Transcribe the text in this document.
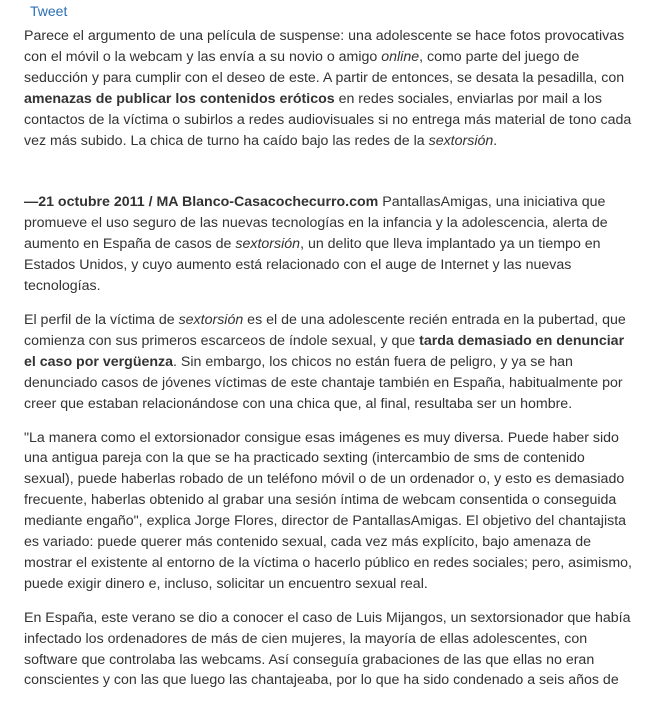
Tweet

Parece el argumento de una película de suspense: una adolescente se hace fotos provocativas con el móvil o la webcam y las envía a su novio o amigo online, como parte del juego de seducción y para cumplir con el deseo de este. A partir de entonces, se desata la pesadilla, con amenazas de publicar los contenidos eróticos en redes sociales, enviarlas por mail a los contactos de la víctima o subirlos a redes audiovisuales si no entrega más material de tono cada vez más subido. La chica de turno ha caído bajo las redes de la sextorsión.

—21 octubre 2011 / MA Blanco-Casacochecurro.com PantallasAmigas, una iniciativa que promueve el uso seguro de las nuevas tecnologías en la infancia y la adolescencia, alerta de aumento en España de casos de sextorsión, un delito que lleva implantado ya un tiempo en Estados Unidos, y cuyo aumento está relacionado con el auge de Internet y las nuevas tecnologías.

El perfil de la víctima de sextorsión es el de una adolescente recién entrada en la pubertad, que comienza con sus primeros escarceos de índole sexual, y que tarda demasiado en denunciar el caso por vergüenza. Sin embargo, los chicos no están fuera de peligro, y ya se han denunciado casos de jóvenes víctimas de este chantaje también en España, habitualmente por creer que estaban relacionándose con una chica que, al final, resultaba ser un hombre.

"La manera como el extorsionador consigue esas imágenes es muy diversa. Puede haber sido una antigua pareja con la que se ha practicado sexting (intercambio de sms de contenido sexual), puede haberlas robado de un teléfono móvil o de un ordenador o, y esto es demasiado frecuente, haberlas obtenido al grabar una sesión íntima de webcam consentida o conseguida mediante engaño", explica Jorge Flores, director de PantallasAmigas. El objetivo del chantajista es variado: puede querer más contenido sexual, cada vez más explícito, bajo amenaza de mostrar el existente al entorno de la víctima o hacerlo público en redes sociales; pero, asimismo, puede exigir dinero e, incluso, solicitar un encuentro sexual real.

En España, este verano se dio a conocer el caso de Luis Mijangos, un sextorsionador que había infectado los ordenadores de más de cien mujeres, la mayoría de ellas adolescentes, con software que controlaba las webcams. Así conseguía grabaciones de las que ellas no eran conscientes y con las que luego las chantajeaba, por lo que ha sido condenado a seis años de
